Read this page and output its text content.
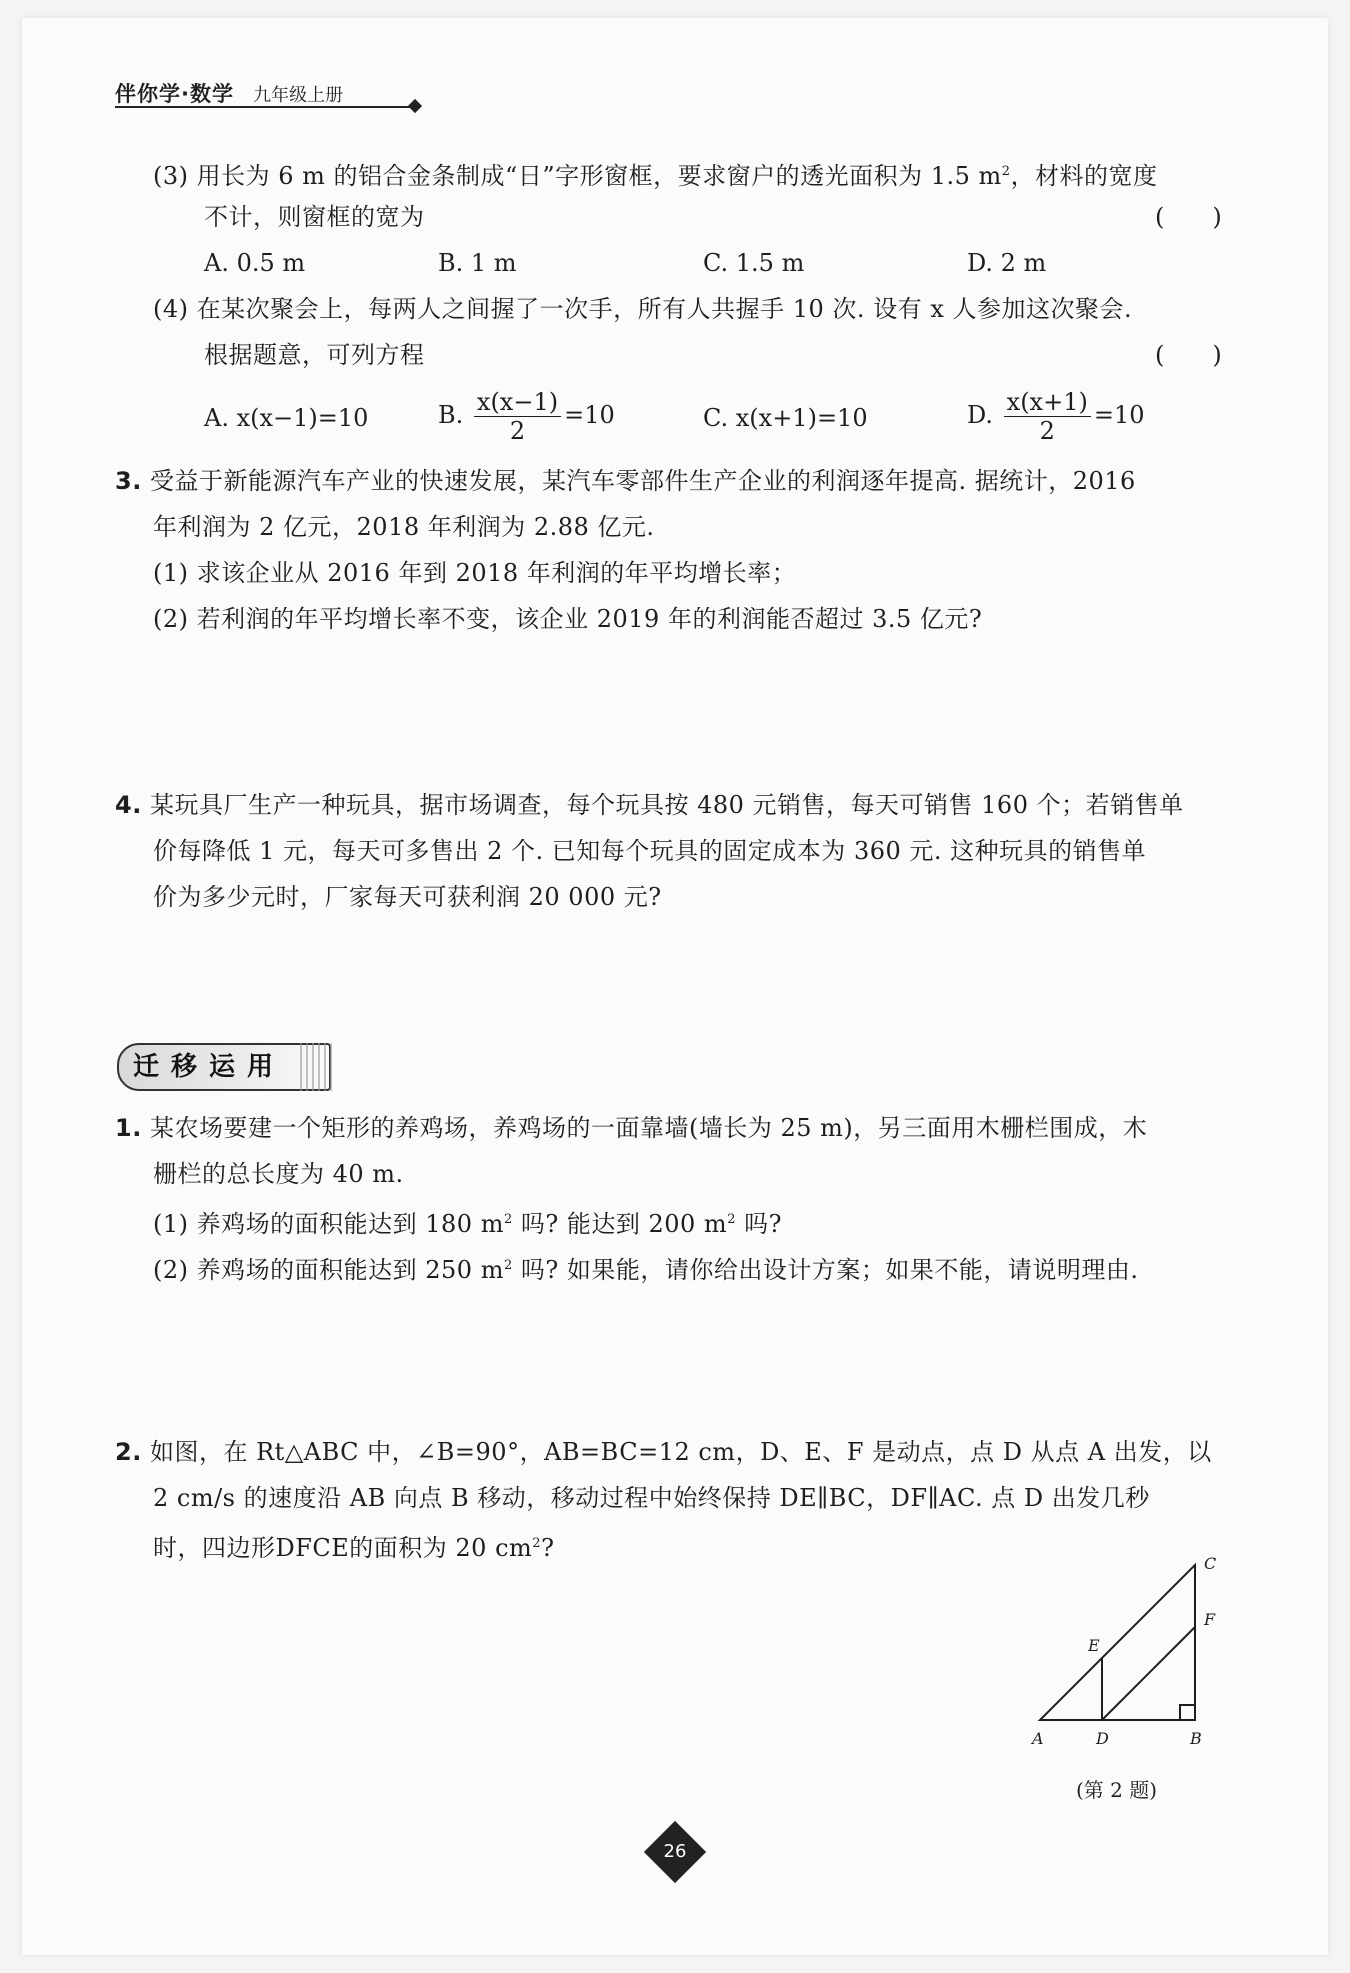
伴你学·数学 九年级上册
(3) 用长为 6 m 的铝合金条制成“日”字形窗框，要求窗户的透光面积为 1.5 $m^2$，材料的宽度
不计，则窗框的宽为	(　　)
A. 0.5 m	B. 1 m	C. 1.5 m	D. 2 m
(4) 在某次聚会上，每两人之间握了一次手，所有人共握手 10 次. 设有 x 人参加这次聚会.
根据题意，可列方程	(　　)
A. x(x−1)=10	B. $\frac{x(x-1)}{2} =10$	C. x(x+1)=10	D. $\frac{x(x+1)}{2} =10$
3. 受益于新能源汽车产业的快速发展，某汽车零部件生产企业的利润逐年提高. 据统计，2016
年利润为 2 亿元，2018 年利润为 2.88 亿元.
(1) 求该企业从 2016 年到 2018 年利润的年平均增长率；
(2) 若利润的年平均增长率不变，该企业 2019 年的利润能否超过 3.5 亿元?
4. 某玩具厂生产一种玩具，据市场调查，每个玩具按 480 元销售，每天可销售 160 个；若销售单
价每降低 1 元，每天可多售出 2 个. 已知每个玩具的固定成本为 360 元. 这种玩具的销售单
价为多少元时，厂家每天可获利润 20 000 元?
迁移运用
1. 某农场要建一个矩形的养鸡场，养鸡场的一面靠墙(墙长为 25 m)，另三面用木栅栏围成，木
栅栏的总长度为 40 m.
(1) 养鸡场的面积能达到 180 $m^2$ 吗? 能达到 200 $m^2$ 吗?
(2) 养鸡场的面积能达到 250 $m^2$ 吗? 如果能，请你给出设计方案；如果不能，请说明理由.
2. 如图，在 Rt△ABC 中，∠B=90°，AB=BC=12 cm，D、E、F 是动点，点 D 从点 A 出发，以
2 cm/s 的速度沿 AB 向点 B 移动，移动过程中始终保持 DE∥BC，DF∥AC. 点 D 出发几秒
时，四边形DFCE的面积为 20 $cm^2$?
A	B
C
D
E
F
(第 2 题)
26
